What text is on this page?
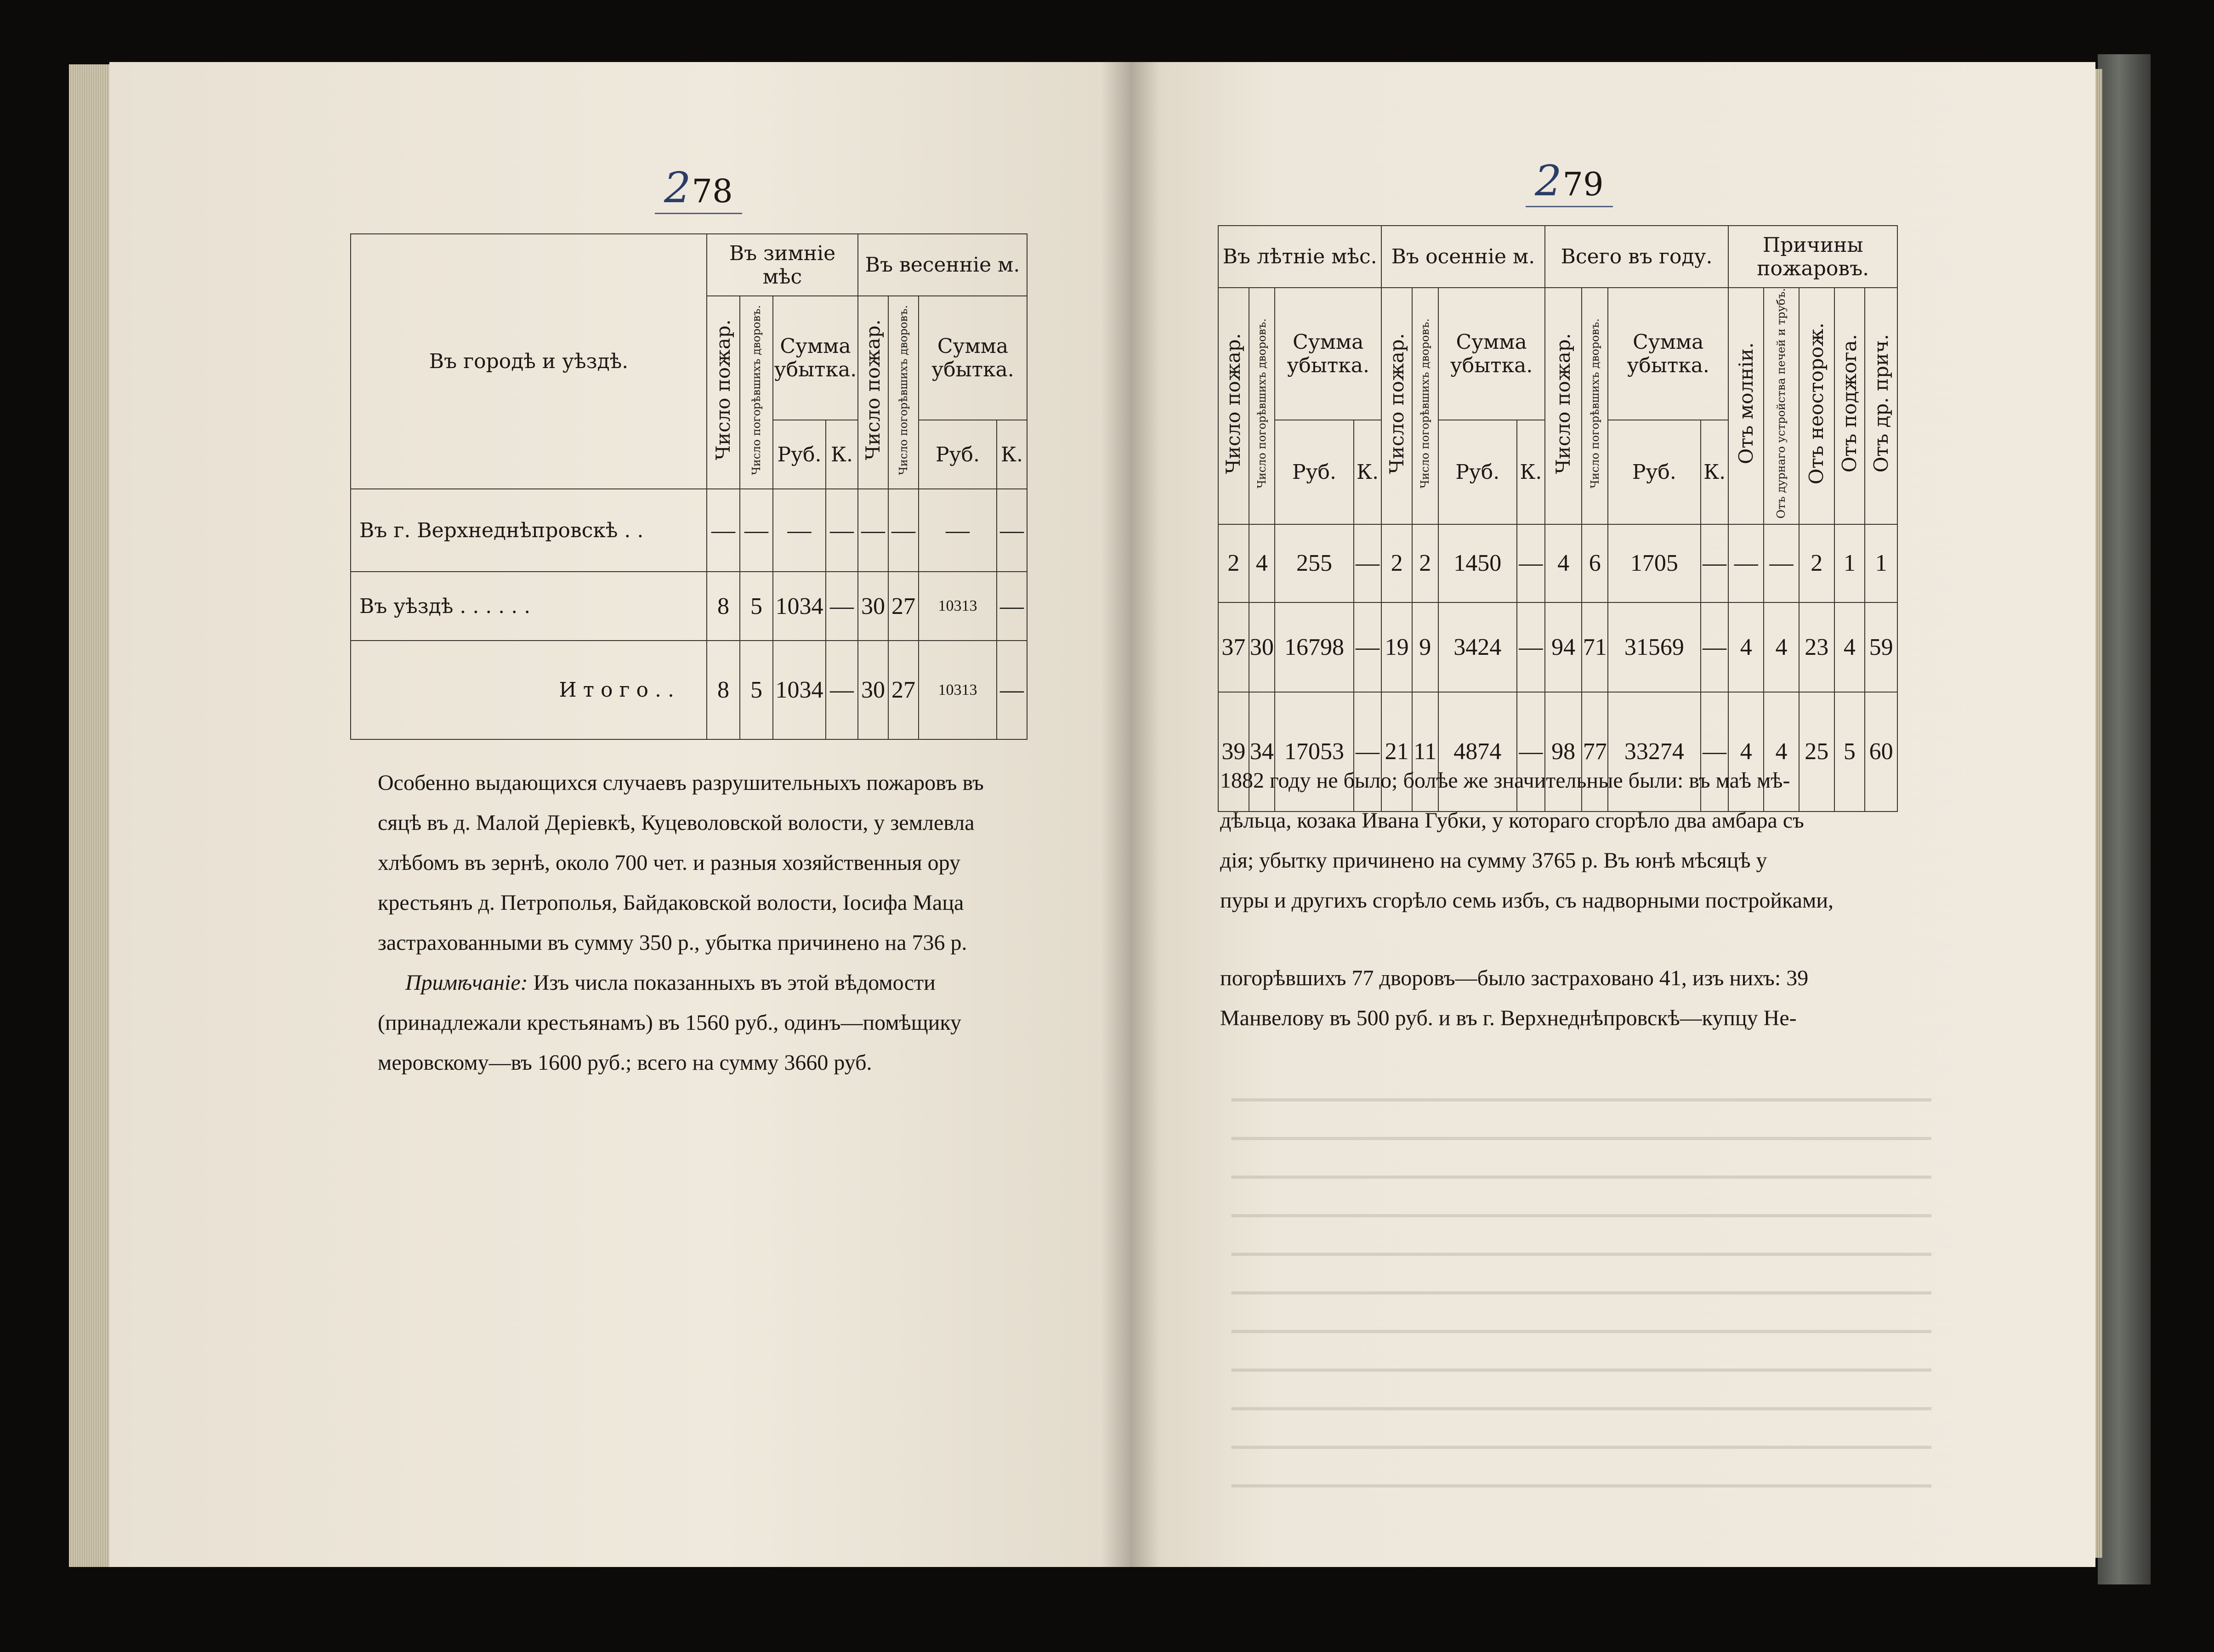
278
Въ городѣ и уѣздѣ.	Въ зимніе мѣс				Въ весенніе м.			
	Число пожар.	Число погорѣвшихъ дворовъ.	Сумма убытка.		Число пожар.	Число погорѣвшихъ дворовъ.	Сумма убытка.	
			Руб.	К.			Руб.	К.
Въ г. Верхнеднѣпровскѣ . .	—	—	—	—	—	—	—	—
Въ уѣздѣ . . . . . .	8	5	1034	—	30	27	10313	—
И т о г о . .	8	5	1034	—	30	27	10313	—

Особенно выдающихся случаевъ разрушительныхъ пожаровъ въ

сяцѣ въ д. Малой Деріевкѣ, Куцеволовской волости, у землевла

хлѣбомъ въ зернѣ, около 700 чет. и разныя хозяйственныя ору

крестьянъ д. Петрополья, Байдаковской волости, Іосифа Маца

застрахованными въ сумму 350 р., убытка причинено на 736 р.

Примѣчаніе: Изъ числа показанныхъ въ этой вѣдомости

(принадлежали крестьянамъ) въ 1560 руб., одинъ—помѣщику

меровскому—въ 1600 руб.; всего на сумму 3660 руб.

279
Въ лѣтніе мѣс.				Въ осенніе м.				Всего въ году.				Причины пожаровъ.				
Число пожар.	Число погорѣвшихъ дворовъ.	Сумма убытка.		Число пожар.	Число погорѣвшихъ дворовъ.	Сумма убытка.		Число пожар.	Число погорѣвшихъ дворовъ.	Сумма убытка.		Отъ молніи.	Отъ дурнаго устройства печей и трубъ.	Отъ неосторож.	Отъ поджога.	Отъ др. прич.
		Руб.	К.			Руб.	К.			Руб.	К.					
2	4	255	—	2	2	1450	—	4	6	1705	—	—	—	2	1	1
37	30	16798	—	19	9	3424	—	94	71	31569	—	4	4	23	4	59
39	34	17053	—	21	11	4874	—	98	77	33274	—	4	4	25	5	60

1882 году не было; болѣе же значительные были: въ маѣ мѣ-

дѣльца, козака Ивана Губки, у котораго сгорѣло два амбара съ

дія; убытку причинено на сумму 3765 р. Въ юнѣ мѣсяцѣ у

пуры и другихъ сгорѣло семь избъ, съ надворными постройками,

погорѣвшихъ 77 дворовъ—было застраховано 41, изъ нихъ: 39

Манвелову въ 500 руб. и въ г. Верхнеднѣпровскѣ—купцу Не-

▁▁▁▁▁▁▁▁▁▁▁▁▁▁▁▁▁▁▁▁▁▁▁▁▁▁▁▁▁▁▁▁▁▁▁▁▁▁▁▁▁▁▁▁▁
▁▁▁▁▁▁▁▁▁▁▁▁▁▁▁▁▁▁▁▁▁▁▁▁▁▁▁▁▁▁▁▁▁▁▁▁▁▁▁▁▁▁▁▁▁
▁▁▁▁▁▁▁▁▁▁▁▁▁▁▁▁▁▁▁▁▁▁▁▁▁▁▁▁▁▁▁▁▁▁▁▁▁▁▁▁▁▁▁▁▁
▁▁▁▁▁▁▁▁▁▁▁▁▁▁▁▁▁▁▁▁▁▁▁▁▁▁▁▁▁▁▁▁▁▁▁▁▁▁▁▁▁▁▁▁▁
▁▁▁▁▁▁▁▁▁▁▁▁▁▁▁▁▁▁▁▁▁▁▁▁▁▁▁▁▁▁▁▁▁▁▁▁▁▁▁▁▁▁▁▁▁
▁▁▁▁▁▁▁▁▁▁▁▁▁▁▁▁▁▁▁▁▁▁▁▁▁▁▁▁▁▁▁▁▁▁▁▁▁▁▁▁▁▁▁▁▁
▁▁▁▁▁▁▁▁▁▁▁▁▁▁▁▁▁▁▁▁▁▁▁▁▁▁▁▁▁▁▁▁▁▁▁▁▁▁▁▁▁▁▁▁▁
▁▁▁▁▁▁▁▁▁▁▁▁▁▁▁▁▁▁▁▁▁▁▁▁▁▁▁▁▁▁▁▁▁▁▁▁▁▁▁▁▁▁▁▁▁
▁▁▁▁▁▁▁▁▁▁▁▁▁▁▁▁▁▁▁▁▁▁▁▁▁▁▁▁▁▁▁▁▁▁▁▁▁▁▁▁▁▁▁▁▁
▁▁▁▁▁▁▁▁▁▁▁▁▁▁▁▁▁▁▁▁▁▁▁▁▁▁▁▁▁▁▁▁▁▁▁▁▁▁▁▁▁▁▁▁▁
▁▁▁▁▁▁▁▁▁▁▁▁▁▁▁▁▁▁▁▁▁▁▁▁▁▁▁▁▁▁▁▁▁▁▁▁▁▁▁▁▁▁▁▁▁
